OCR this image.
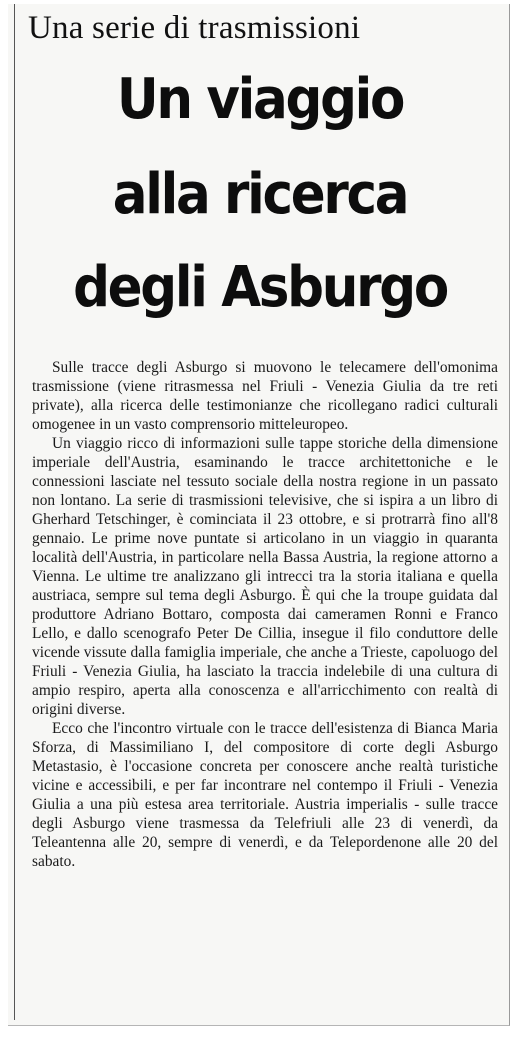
Una serie di trasmissioni
Un viaggio
alla ricerca
degli Asburgo

Sulle tracce degli Asburgo si muovono le telecamere dell'omonima trasmissione (viene ritrasmessa nel Friuli - Venezia Giulia da tre reti private), alla ricerca delle testimonianze che ricollegano radici culturali omogenee in un vasto comprensorio mitteleuropeo.

Un viaggio ricco di informazioni sulle tappe storiche della dimensione imperiale dell'Austria, esaminando le tracce architettoniche e le connessioni lasciate nel tessuto sociale della nostra regione in un passato non lontano. La serie di trasmissioni televisive, che si ispira a un libro di Gherhard Tetschinger, è cominciata il 23 ottobre, e si protrarrà fino all'8 gennaio. Le prime nove puntate si articolano in un viaggio in quaranta località dell'Austria, in particolare nella Bassa Austria, la regione attorno a Vienna. Le ultime tre analizzano gli intrecci tra la storia italiana e quella austriaca, sempre sul tema degli Asburgo. È qui che la troupe guidata dal produttore Adriano Bottaro, composta dai cameramen Ronni e Franco Lello, e dallo scenografo Peter De Cillia, insegue il filo conduttore delle vicende vissute dalla famiglia imperiale, che anche a Trieste, capoluogo del Friuli - Venezia Giulia, ha lasciato la traccia indelebile di una cultura di ampio respiro, aperta alla conoscenza e all'arricchimento con realtà di origini diverse.

Ecco che l'incontro virtuale con le tracce dell'esistenza di Bianca Maria Sforza, di Massimiliano I, del compositore di corte degli Asburgo Metastasio, è l'occasione concreta per conoscere anche realtà turistiche vicine e accessibili, e per far incontrare nel contempo il Friuli - Venezia Giulia a una più estesa area territoriale. Austria imperialis - sulle tracce degli Asburgo viene trasmessa da Telefriuli alle 23 di venerdì, da Teleantenna alle 20, sempre di venerdì, e da Telepordenone alle 20 del sabato.
